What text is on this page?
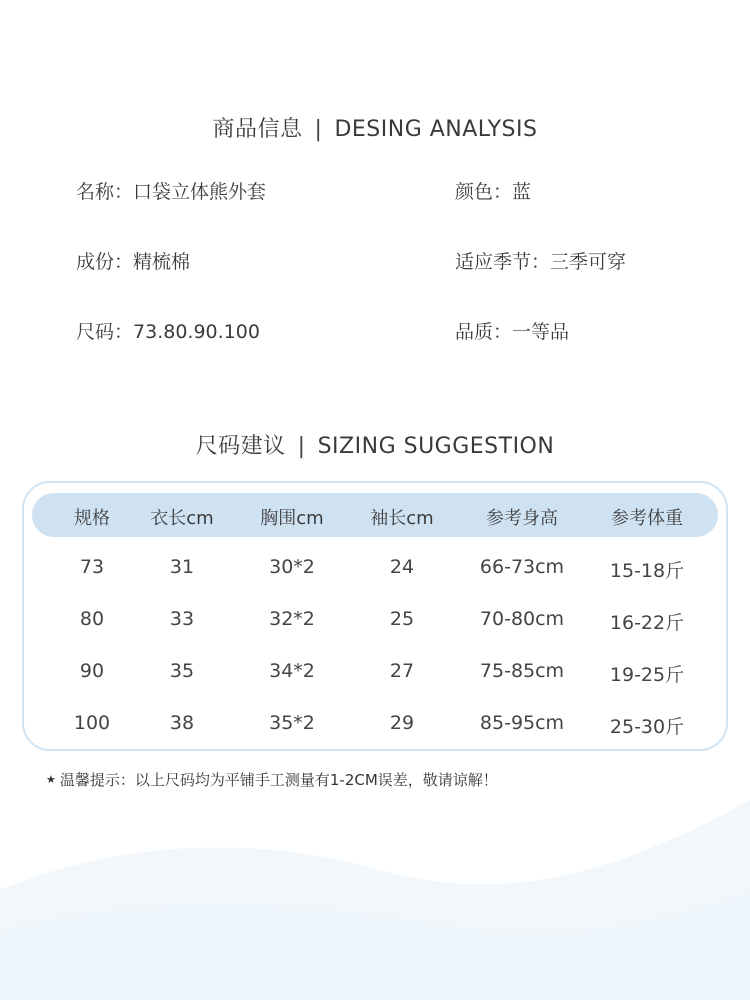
商品信息 | DESING ANALYSIS
名称：口袋立体熊外套	颜色：蓝
成份：精梳棉	适应季节：三季可穿
尺码：73.80.90.100	品质：一等品
尺码建议 | SIZING SUGGESTION
规格	衣长cm	胸围cm	袖长cm	参考身高	参考体重
73	31	30*2	24	66-73cm	15-18斤
80	33	32*2	25	70-80cm	16-22斤
90	35	34*2	27	75-85cm	19-25斤
100	38	35*2	29	85-95cm	25-30斤
★ 温馨提示：以上尺码均为平铺手工测量有1-2CM误差，敬请谅解！
